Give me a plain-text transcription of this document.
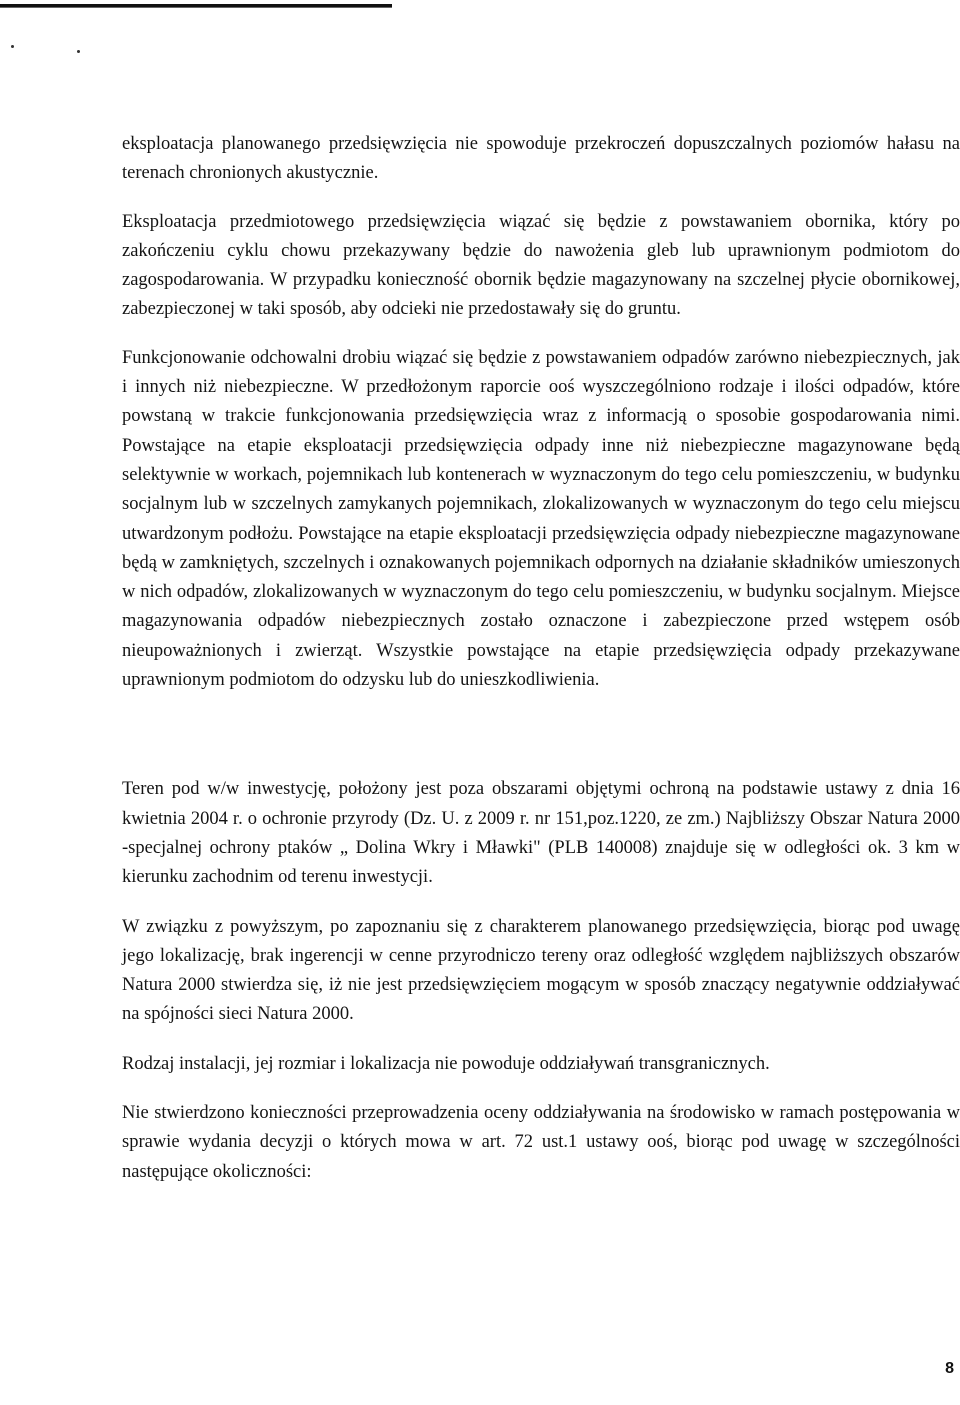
eksploatacja planowanego przedsięwzięcia nie spowoduje przekroczeń dopuszczalnych poziomów hałasu na terenach chronionych akustycznie.

Eksploatacja przedmiotowego przedsięwzięcia wiązać się będzie z powstawaniem obornika, który po zakończeniu cyklu chowu przekazywany będzie do nawożenia gleb lub uprawnionym podmiotom do zagospodarowania. W przypadku konieczność obornik będzie magazynowany na szczelnej płycie obornikowej, zabezpieczonej w taki sposób, aby odcieki nie przedostawały się do gruntu.

Funkcjonowanie odchowalni drobiu wiązać się będzie z powstawaniem odpadów zarówno niebezpiecznych, jak i innych niż niebezpieczne. W przedłożonym raporcie ooś wyszczególniono rodzaje i ilości odpadów, które powstaną w trakcie funkcjonowania przedsięwzięcia wraz z informacją o sposobie gospodarowania nimi. Powstające na etapie eksploatacji przedsięwzięcia odpady inne niż niebezpieczne magazynowane będą selektywnie w workach, pojemnikach lub kontenerach w wyznaczonym do tego celu pomieszczeniu, w budynku socjalnym lub w szczelnych zamykanych pojemnikach, zlokalizowanych w wyznaczonym do tego celu miejscu utwardzonym podłożu. Powstające na etapie eksploatacji przedsięwzięcia odpady niebezpieczne magazynowane będą w zamkniętych, szczelnych i oznakowanych pojemnikach odpornych na działanie składników umieszonych w nich odpadów, zlokalizowanych w wyznaczonym do tego celu pomieszczeniu, w budynku socjalnym. Miejsce magazynowania odpadów niebezpiecznych zostało oznaczone i zabezpieczone przed wstępem osób nieupoważnionych i zwierząt. Wszystkie powstające na etapie przedsięwzięcia odpady przekazywane uprawnionym podmiotom do odzysku lub do unieszkodliwienia.

Teren pod w/w inwestycję, położony jest poza obszarami objętymi ochroną na podstawie ustawy z dnia 16 kwietnia 2004 r. o ochronie przyrody (Dz. U. z 2009 r. nr 151,poz.1220, ze zm.) Najbliższy Obszar Natura 2000 -specjalnej ochrony ptaków „ Dolina Wkry i Mławki" (PLB 140008) znajduje się w odległości ok. 3 km w kierunku zachodnim od terenu inwestycji.

W związku z powyższym, po zapoznaniu się z charakterem planowanego przedsięwzięcia, biorąc pod uwagę jego lokalizację, brak ingerencji w cenne przyrodniczo tereny oraz odległość względem najbliższych obszarów Natura 2000 stwierdza się, iż nie jest przedsięwzięciem mogącym w sposób znaczący negatywnie oddziaływać na spójności sieci Natura 2000.

Rodzaj instalacji, jej rozmiar i lokalizacja nie powoduje oddziaływań transgranicznych.

Nie stwierdzono konieczności przeprowadzenia oceny oddziaływania na środowisko w ramach postępowania w sprawie wydania decyzji o których mowa w art. 72 ust.1 ustawy ooś, biorąc pod uwagę w szczególności następujące okoliczności:

8
